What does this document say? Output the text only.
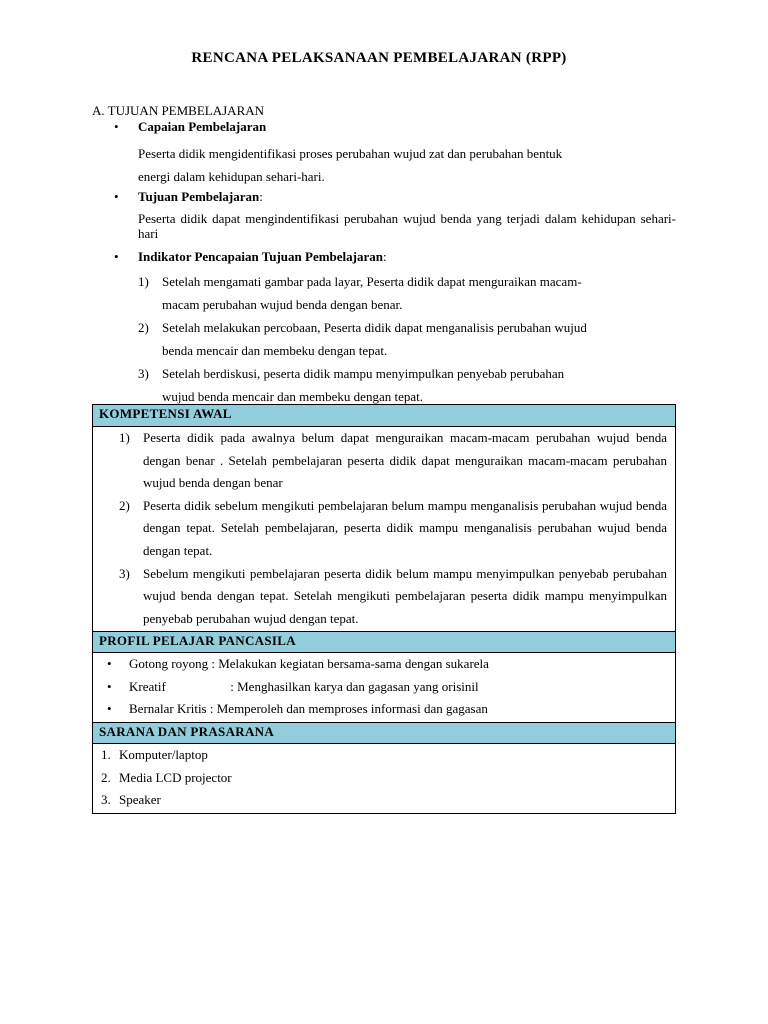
RENCANA PELAKSANAAN PEMBELAJARAN (RPP)
A. TUJUAN PEMBELAJARAN
• Capaian Pembelajaran
Peserta didik mengidentifikasi proses perubahan wujud zat dan perubahan bentuk
energi dalam kehidupan sehari-hari.
• Tujuan Pembelajaran:
Peserta didik dapat mengindentifikasi perubahan wujud benda yang terjadi dalam kehidupan sehari-hari
• Indikator Pencapaian Tujuan Pembelajaran:
1) Setelah mengamati gambar pada layar, Peserta didik dapat menguraikan macam-
macam perubahan wujud benda dengan benar.
2) Setelah melakukan percobaan, Peserta didik dapat menganalisis perubahan wujud
benda mencair dan membeku dengan tepat.
3) Setelah berdiskusi, peserta didik mampu menyimpulkan penyebab perubahan
wujud benda mencair dan membeku dengan tepat.
KOMPETENSI AWAL
1) Peserta didik pada awalnya belum dapat menguraikan macam-macam perubahan wujud benda dengan benar . Setelah pembelajaran peserta didik dapat menguraikan macam-macam perubahan wujud benda dengan benar
2) Peserta didik sebelum mengikuti pembelajaran belum mampu menganalisis perubahan wujud benda dengan tepat. Setelah pembelajaran, peserta didik mampu menganalisis perubahan wujud benda dengan tepat.
3) Sebelum mengikuti pembelajaran peserta didik belum mampu menyimpulkan penyebab perubahan wujud benda dengan tepat. Setelah mengikuti pembelajaran peserta didik mampu menyimpulkan penyebab perubahan wujud dengan tepat.
PROFIL PELAJAR PANCASILA
• Gotong royong : Melakukan kegiatan bersama-sama dengan sukarela
• Kreatif	: Menghasilkan karya dan gagasan yang orisinil
• Bernalar Kritis : Memperoleh dan memproses informasi dan gagasan
SARANA DAN PRASARANA
1. Komputer/laptop
2. Media LCD projector
3. Speaker
